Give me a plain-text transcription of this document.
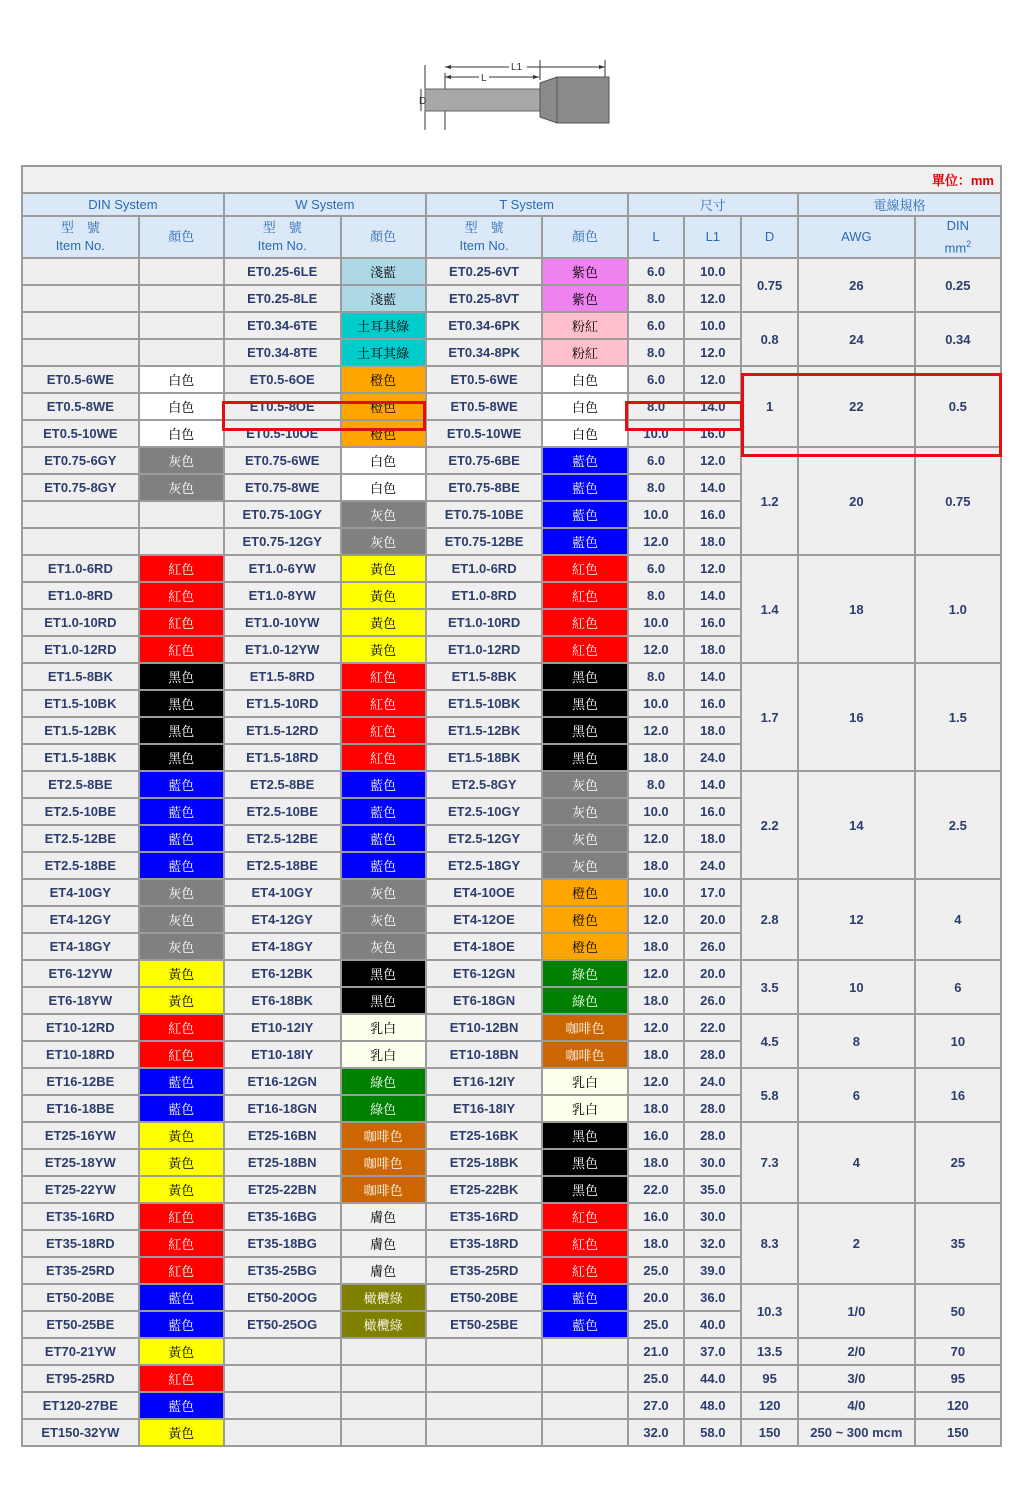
L1
L
D
單位：mm										
DIN System		W System		T System		尺寸			電線規格	
型　號
Item No.	顏色	型　號
Item No.	顏色	型　號
Item No.	顏色	L	L1	D	AWG	DIN
$mm^2$
		ET0.25-6LE	淺藍	ET0.25-6VT	紫色	6.0	10.0	0.75	26	0.25
		ET0.25-8LE	淺藍	ET0.25-8VT	紫色	8.0	12.0			
		ET0.34-6TE	土耳其綠	ET0.34-6PK	粉紅	6.0	10.0	0.8	24	0.34
		ET0.34-8TE	土耳其綠	ET0.34-8PK	粉紅	8.0	12.0			
ET0.5-6WE	白色	ET0.5-6OE	橙色	ET0.5-6WE	白色	6.0	12.0	1	22	0.5
ET0.5-8WE	白色	ET0.5-8OE	橙色	ET0.5-8WE	白色	8.0	14.0			
ET0.5-10WE	白色	ET0.5-10OE	橙色	ET0.5-10WE	白色	10.0	16.0			
ET0.75-6GY	灰色	ET0.75-6WE	白色	ET0.75-6BE	藍色	6.0	12.0	1.2	20	0.75
ET0.75-8GY	灰色	ET0.75-8WE	白色	ET0.75-8BE	藍色	8.0	14.0			
		ET0.75-10GY	灰色	ET0.75-10BE	藍色	10.0	16.0			
		ET0.75-12GY	灰色	ET0.75-12BE	藍色	12.0	18.0			
ET1.0-6RD	紅色	ET1.0-6YW	黃色	ET1.0-6RD	紅色	6.0	12.0	1.4	18	1.0
ET1.0-8RD	紅色	ET1.0-8YW	黃色	ET1.0-8RD	紅色	8.0	14.0			
ET1.0-10RD	紅色	ET1.0-10YW	黃色	ET1.0-10RD	紅色	10.0	16.0			
ET1.0-12RD	紅色	ET1.0-12YW	黃色	ET1.0-12RD	紅色	12.0	18.0			
ET1.5-8BK	黑色	ET1.5-8RD	紅色	ET1.5-8BK	黑色	8.0	14.0	1.7	16	1.5
ET1.5-10BK	黑色	ET1.5-10RD	紅色	ET1.5-10BK	黑色	10.0	16.0			
ET1.5-12BK	黑色	ET1.5-12RD	紅色	ET1.5-12BK	黑色	12.0	18.0			
ET1.5-18BK	黑色	ET1.5-18RD	紅色	ET1.5-18BK	黑色	18.0	24.0			
ET2.5-8BE	藍色	ET2.5-8BE	藍色	ET2.5-8GY	灰色	8.0	14.0	2.2	14	2.5
ET2.5-10BE	藍色	ET2.5-10BE	藍色	ET2.5-10GY	灰色	10.0	16.0			
ET2.5-12BE	藍色	ET2.5-12BE	藍色	ET2.5-12GY	灰色	12.0	18.0			
ET2.5-18BE	藍色	ET2.5-18BE	藍色	ET2.5-18GY	灰色	18.0	24.0			
ET4-10GY	灰色	ET4-10GY	灰色	ET4-10OE	橙色	10.0	17.0	2.8	12	4
ET4-12GY	灰色	ET4-12GY	灰色	ET4-12OE	橙色	12.0	20.0			
ET4-18GY	灰色	ET4-18GY	灰色	ET4-18OE	橙色	18.0	26.0			
ET6-12YW	黃色	ET6-12BK	黑色	ET6-12GN	綠色	12.0	20.0	3.5	10	6
ET6-18YW	黃色	ET6-18BK	黑色	ET6-18GN	綠色	18.0	26.0			
ET10-12RD	紅色	ET10-12IY	乳白	ET10-12BN	咖啡色	12.0	22.0	4.5	8	10
ET10-18RD	紅色	ET10-18IY	乳白	ET10-18BN	咖啡色	18.0	28.0			
ET16-12BE	藍色	ET16-12GN	綠色	ET16-12IY	乳白	12.0	24.0	5.8	6	16
ET16-18BE	藍色	ET16-18GN	綠色	ET16-18IY	乳白	18.0	28.0			
ET25-16YW	黃色	ET25-16BN	咖啡色	ET25-16BK	黑色	16.0	28.0	7.3	4	25
ET25-18YW	黃色	ET25-18BN	咖啡色	ET25-18BK	黑色	18.0	30.0			
ET25-22YW	黃色	ET25-22BN	咖啡色	ET25-22BK	黑色	22.0	35.0			
ET35-16RD	紅色	ET35-16BG	膚色	ET35-16RD	紅色	16.0	30.0	8.3	2	35
ET35-18RD	紅色	ET35-18BG	膚色	ET35-18RD	紅色	18.0	32.0			
ET35-25RD	紅色	ET35-25BG	膚色	ET35-25RD	紅色	25.0	39.0			
ET50-20BE	藍色	ET50-20OG	橄欖綠	ET50-20BE	藍色	20.0	36.0	10.3	1/0	50
ET50-25BE	藍色	ET50-25OG	橄欖綠	ET50-25BE	藍色	25.0	40.0			
ET70-21YW	黃色					21.0	37.0	13.5	2/0	70
ET95-25RD	紅色					25.0	44.0	95	3/0	95
ET120-27BE	藍色					27.0	48.0	120	4/0	120
ET150-32YW	黃色					32.0	58.0	150	250 ~ 300 mcm	150
